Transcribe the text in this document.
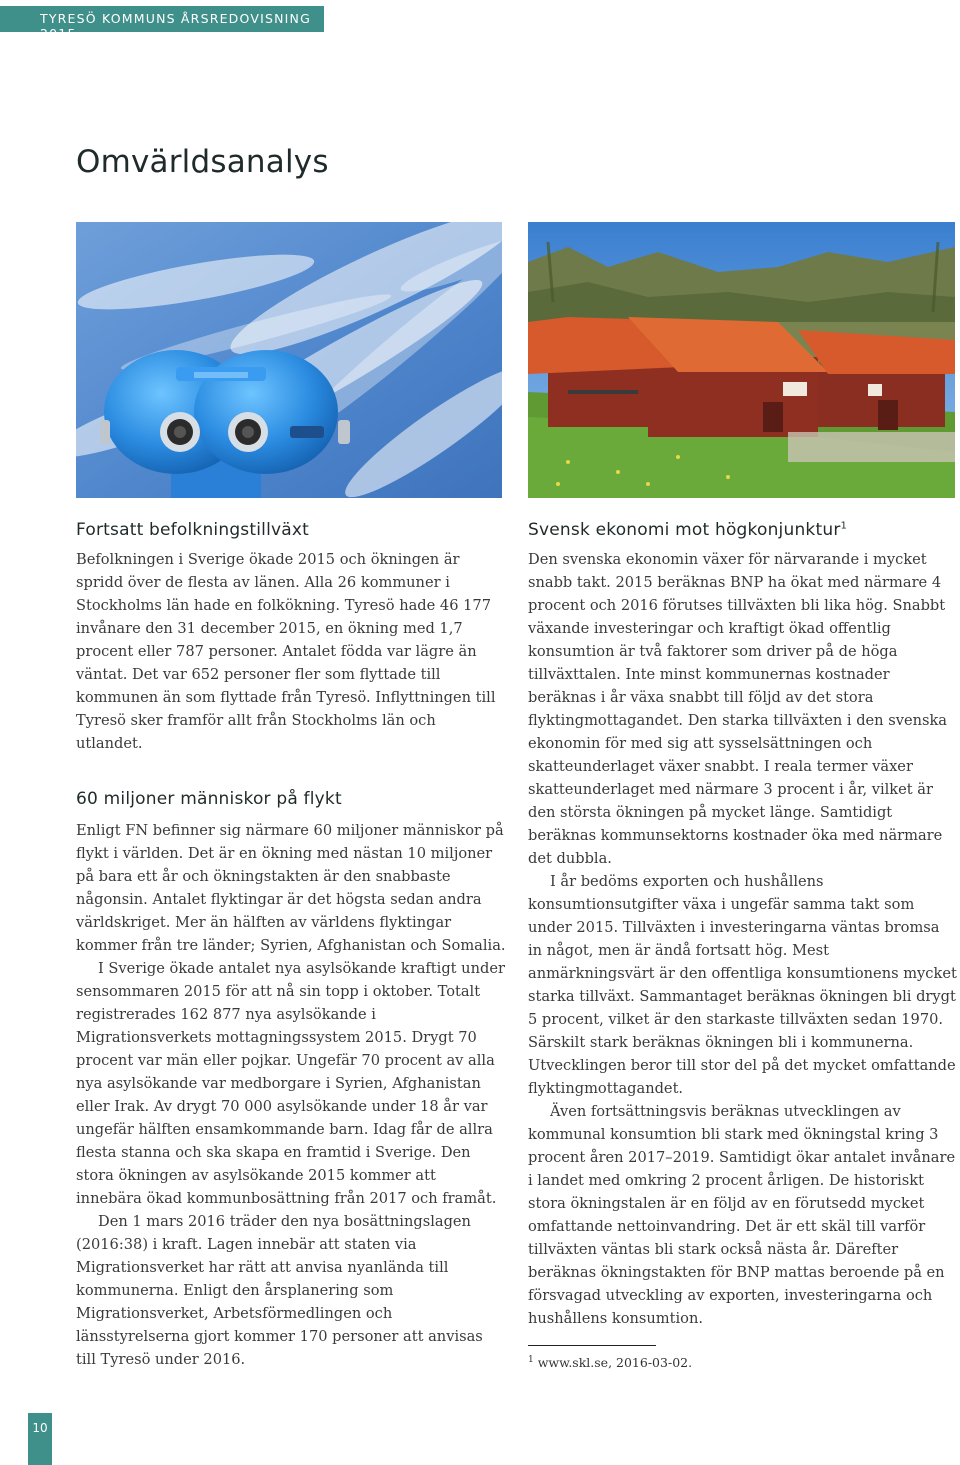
TYRESÖ KOMMUNS ÅRSREDOVISNING 2015
Omvärldsanalys
Fortsatt befolkningstillväxt

Befolkningen i Sverige ökade 2015 och ökningen är spridd över de flesta av länen. Alla 26 kommuner i Stockholms län hade en folkökning. Tyresö hade 46 177 invånare den 31 december 2015, en ökning med 1,7 procent eller 787 personer. Antalet födda var lägre än väntat. Det var 652 personer fler som flyttade till kommunen än som flyttade från Tyresö. Inflyttningen till Tyresö sker framför allt från Stockholms län och utlandet.

60 miljoner människor på flykt

Enligt FN befinner sig närmare 60 miljoner människor på flykt i världen. Det är en ökning med nästan 10 miljoner på bara ett år och ökningstakten är den snabbaste någonsin. Antalet flyktingar är det högsta sedan andra världskriget. Mer än hälften av världens flyktingar kommer från tre länder; Syrien, Afghanistan och Somalia.

I Sverige ökade antalet nya asylsökande kraftigt under sensommaren 2015 för att nå sin topp i oktober. Totalt registrerades 162 877 nya asylsökande i Migrationsverkets mottagningssystem 2015. Drygt 70 procent var män eller pojkar. Ungefär 70 procent av alla nya asylsökande var medborgare i Syrien, Afghanistan eller Irak. Av drygt 70 000 asylsökande under 18 år var ungefär hälften ensamkommande barn. Idag får de allra flesta stanna och ska skapa en framtid i Sverige. Den stora ökningen av asylsökande 2015 kommer att innebära ökad kommunbosättning från 2017 och framåt.

Den 1 mars 2016 träder den nya bosättningslagen (2016:38) i kraft. Lagen innebär att staten via Migrationsverket har rätt att anvisa nyanlända till kommunerna. Enligt den årsplanering som Migrationsverket, Arbetsförmedlingen och länsstyrelserna gjort kommer 170 personer att anvisas till Tyresö under 2016.

Svensk ekonomi mot högkonjunktur$^1$

Den svenska ekonomin växer för närvarande i mycket snabb takt. 2015 beräknas BNP ha ökat med närmare 4 procent och 2016 förutses tillväxten bli lika hög. Snabbt växande investeringar och kraftigt ökad offentlig konsumtion är två faktorer som driver på de höga tillväxttalen. Inte minst kommunernas kostnader beräknas i år växa snabbt till följd av det stora flyktingmottagandet. Den starka tillväxten i den svenska ekonomin för med sig att sysselsättningen och skatteunderlaget växer snabbt. I reala termer växer skatteunderlaget med närmare 3 procent i år, vilket är den största ökningen på mycket länge. Samtidigt beräknas kommunsektorns kostnader öka med närmare det dubbla.

I år bedöms exporten och hushållens konsumtionsutgifter växa i ungefär samma takt som under 2015. Tillväxten i investeringarna väntas bromsa in något, men är ändå fortsatt hög. Mest anmärkningsvärt är den offentliga konsumtionens mycket starka tillväxt. Sammantaget beräknas ökningen bli drygt 5 procent, vilket är den starkaste tillväxten sedan 1970. Särskilt stark beräknas ökningen bli i kommunerna. Utvecklingen beror till stor del på det mycket omfattande flyktingmottagandet.

Även fortsättningsvis beräknas utvecklingen av kommunal konsumtion bli stark med ökningstal kring 3 procent åren 2017–2019. Samtidigt ökar antalet invånare i landet med omkring 2 procent årligen. De historiskt stora ökningstalen är en följd av en förutsedd mycket omfattande nettoinvandring. Det är ett skäl till varför tillväxten väntas bli stark också nästa år. Därefter beräknas ökningstakten för BNP mattas beroende på en försvagad utveckling av exporten, investeringarna och hushållens konsumtion.

$^1$ www.skl.se, 2016-03-02.
10
